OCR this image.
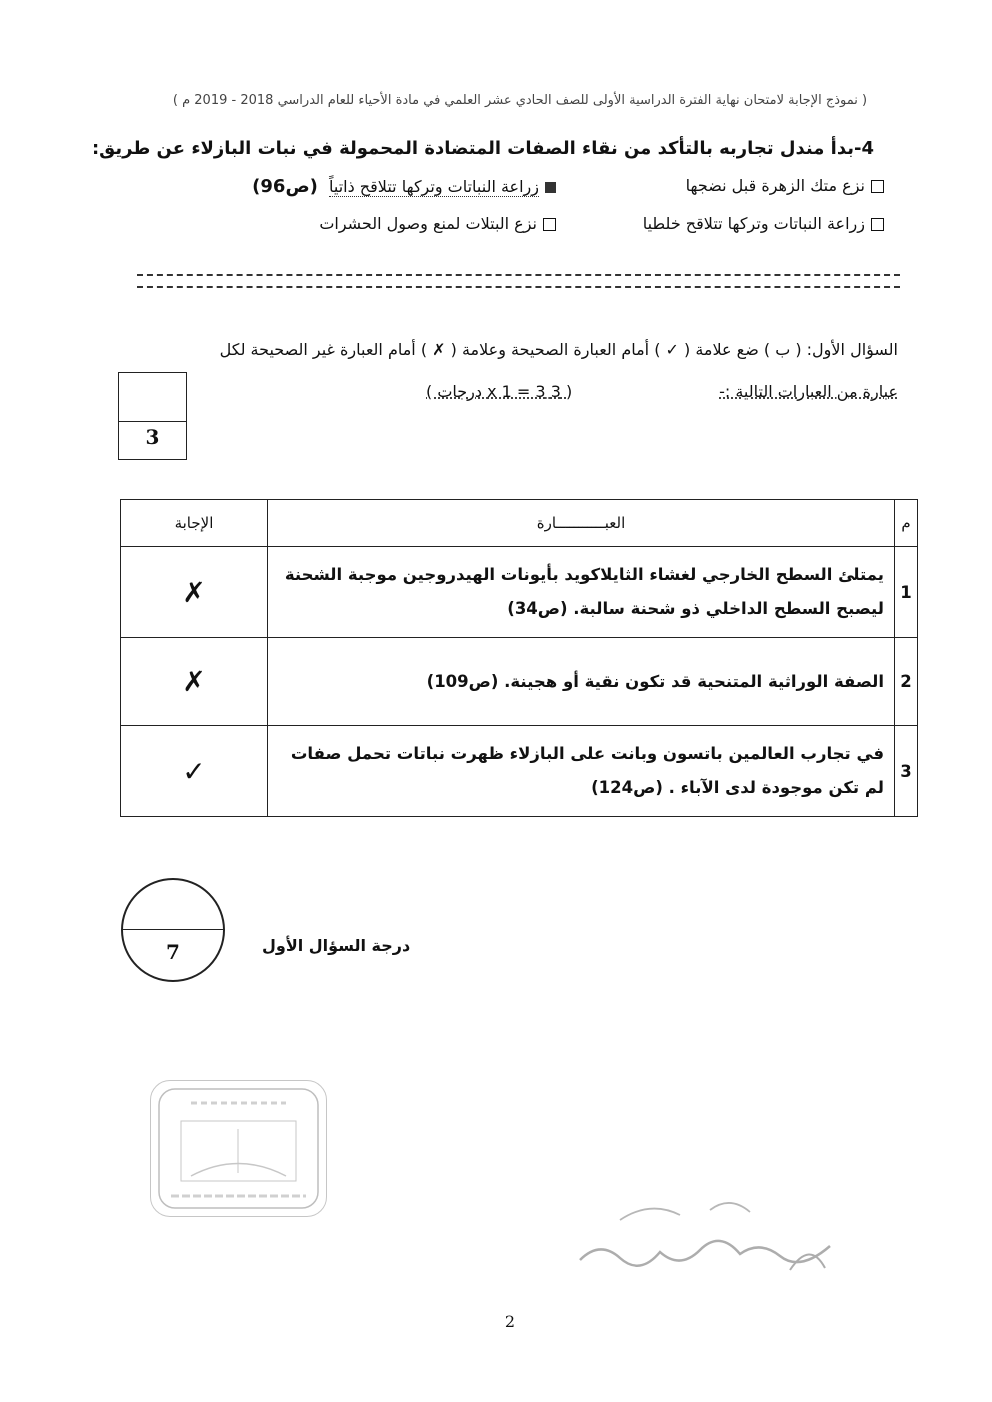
( نموذج الإجابة لامتحان نهاية الفترة الدراسية الأولى للصف الحادي عشر العلمي في مادة الأحياء للعام الدراسي 2018 - 2019 م )
4-بدأ مندل تجاربه بالتأكد من نقاء الصفات المتضادة المحمولة في نبات البازلاء عن طريق:
نزع متك الزهرة قبل نضجها
زراعة النباتات وتركها تتلاقح ذاتياً (ص96)
زراعة النباتات وتركها تتلاقح خلطيا
نزع البتلات لمنع وصول الحشرات
السؤال الأول: ( ب ) ضع علامة ( ✓ ) أمام العبارة الصحيحة وعلامة ( ✗ ) أمام العبارة غير الصحيحة لكل
عبارة من العبارات التالية :-
( 3 x 1 = 3 درجات )
3
م	العبـــــــــــارة	الإجابة
1	يمتلئ السطح الخارجي لغشاء الثايلاكويد بأيونات الهيدروجين موجبة الشحنة ليصبح السطح الداخلي ذو شحنة سالبة. (ص34)	✗
2	الصفة الوراثية المتنحية قد تكون نقية أو هجينة. (ص109)	✗
3	في تجارب العالمين باتسون وبانت على البازلاء ظهرت نباتات تحمل صفات لم تكن موجودة لدى الآباء . (ص124)	✓
7	درجة السؤال الأول
2
